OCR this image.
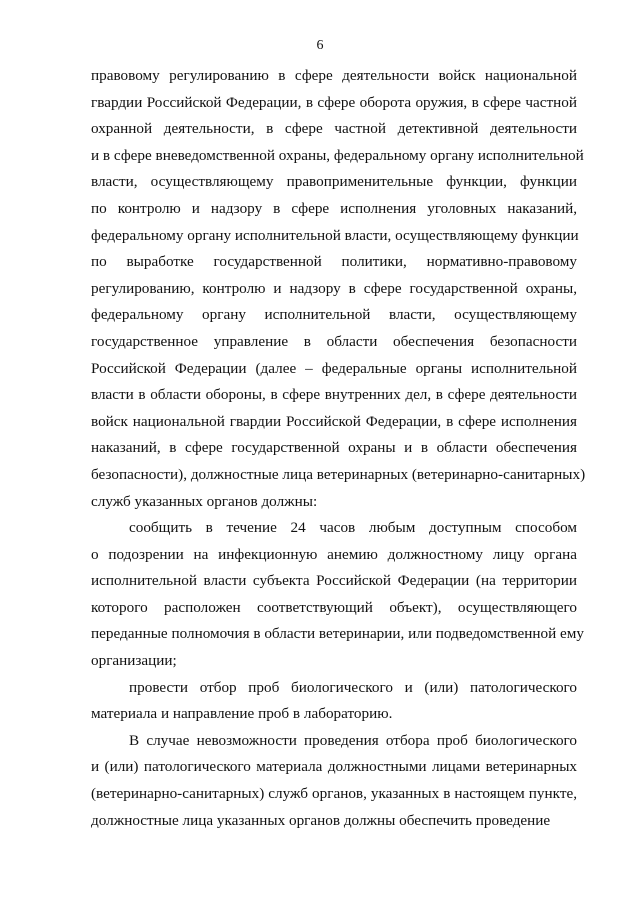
6
правовому регулированию в сфере деятельности войск национальной
гвардии Российской Федерации, в сфере оборота оружия, в сфере частной
охранной деятельности, в сфере частной детективной деятельности
и в сфере вневедомственной охраны, федеральному органу исполнительной
власти, осуществляющему правоприменительные функции, функции
по контролю и надзору в сфере исполнения уголовных наказаний,
федеральному органу исполнительной власти, осуществляющему функции
по выработке государственной политики, нормативно-правовому
регулированию, контролю и надзору в сфере государственной охраны,
федеральному органу исполнительной власти, осуществляющему
государственное управление в области обеспечения безопасности
Российской Федерации (далее – федеральные органы исполнительной
власти в области обороны, в сфере внутренних дел, в сфере деятельности
войск национальной гвардии Российской Федерации, в сфере исполнения
наказаний, в сфере государственной охраны и в области обеспечения
безопасности), должностные лица ветеринарных (ветеринарно-санитарных)
служб указанных органов должны:
сообщить в течение 24 часов любым доступным способом
о подозрении на инфекционную анемию должностному лицу органа
исполнительной власти субъекта Российской Федерации (на территории
которого расположен соответствующий объект), осуществляющего
переданные полномочия в области ветеринарии, или подведомственной ему
организации;
провести отбор проб биологического и (или) патологического
материала и направление проб в лабораторию.
В случае невозможности проведения отбора проб биологического
и (или) патологического материала должностными лицами ветеринарных
(ветеринарно-санитарных) служб органов, указанных в настоящем пункте,
должностные лица указанных органов должны обеспечить проведение
